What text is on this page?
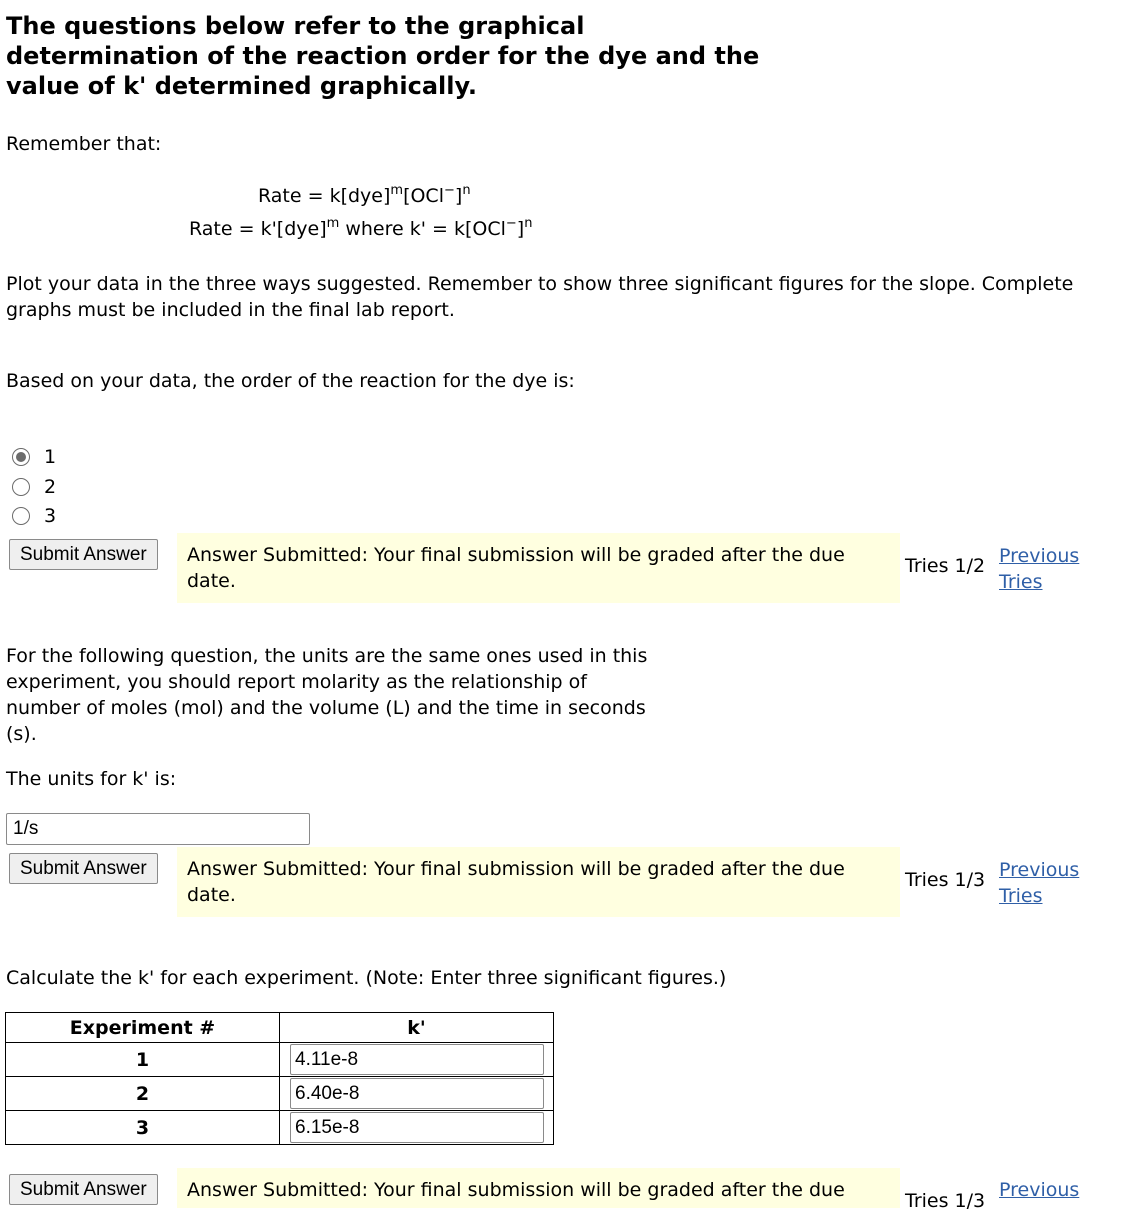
The questions below refer to the graphical determination of the reaction order for the dye and the value of k' determined graphically.
Remember that:
Rate = $k[dye]^m[OCl^-]^n$
Rate = k'[dye]$^m$ where $k' = k[OCl^-]^n$
Plot your data in the three ways suggested. Remember to show three significant figures for the slope. Complete
graphs must be included in the final lab report.
Based on your data, the order of the reaction for the dye is:
1
2
3
Submit Answer	Answer Submitted: Your final submission will be graded after the due
date.
Tries 1/2 Previous
Tries
For the following question, the units are the same ones used in this
experiment, you should report molarity as the relationship of
number of moles (mol) and the volume (L) and the time in seconds
(s).
The units for k' is:
1/s
Submit Answer	Answer Submitted: Your final submission will be graded after the due
date.
Tries 1/3 Previous
Tries
Calculate the k' for each experiment. (Note: Enter three significant figures.)
Experiment #	k'
1	4.11e-8

2	6.40e-8

3	6.15e-8
Submit Answer	Answer Submitted: Your final submission will be graded after the due	Tries 1/3 Previous
